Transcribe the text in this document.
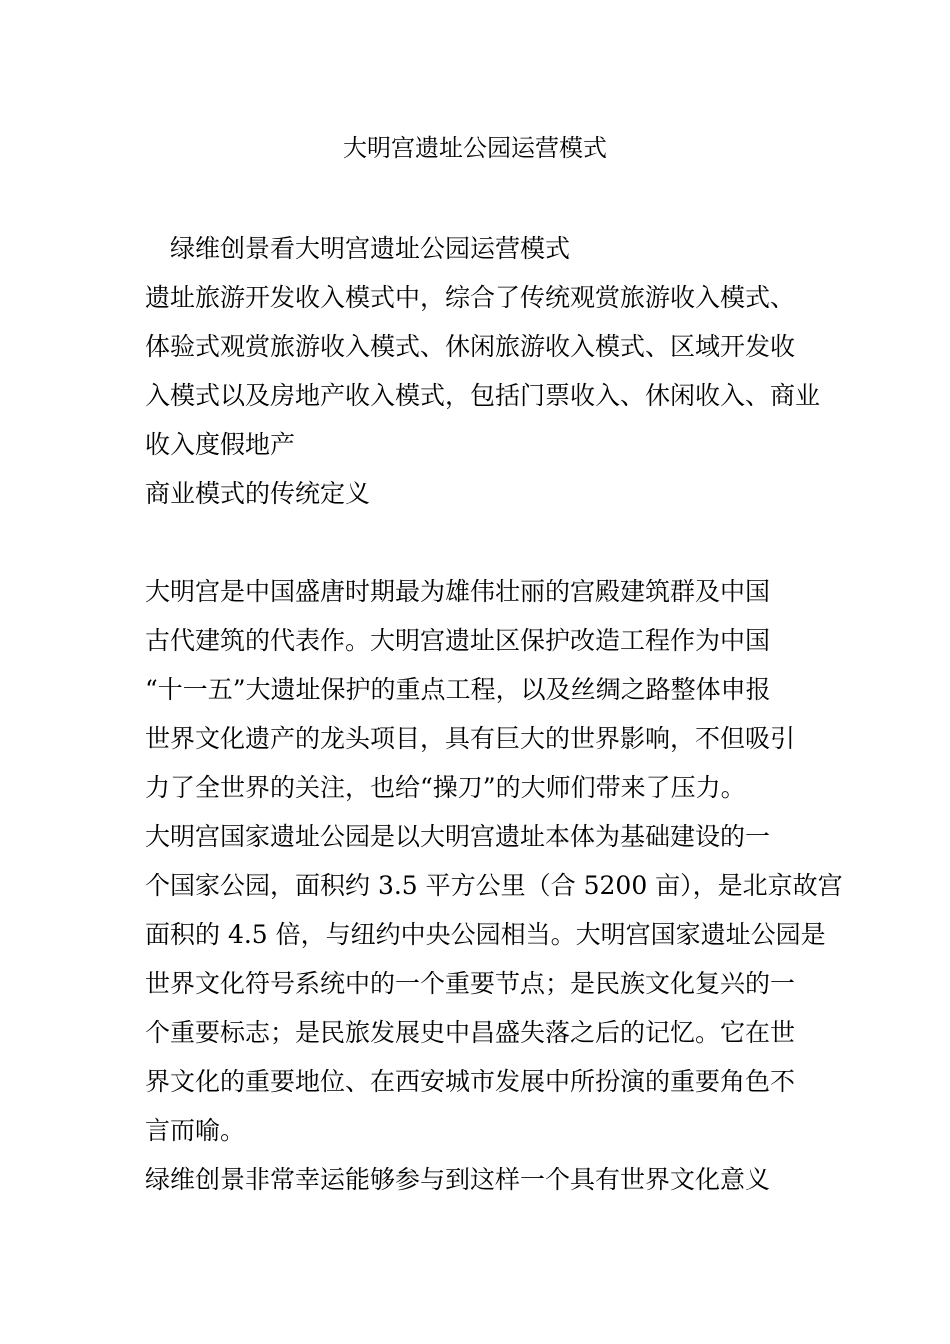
大明宫遗址公园运营模式

绿维创景看大明宫遗址公园运营模式

遗址旅游开发收入模式中，综合了传统观赏旅游收入模式、

体验式观赏旅游收入模式、休闲旅游收入模式、区域开发收

入模式以及房地产收入模式，包括门票收入、休闲收入、商业

收入度假地产

商业模式的传统定义

大明宫是中国盛唐时期最为雄伟壮丽的宫殿建筑群及中国

古代建筑的代表作。大明宫遗址区保护改造工程作为中国

“十一五”大遗址保护的重点工程，以及丝绸之路整体申报

世界文化遗产的龙头项目，具有巨大的世界影响，不但吸引

力了全世界的关注，也给“操刀”的大师们带来了压力。

大明宫国家遗址公园是以大明宫遗址本体为基础建设的一

个国家公园，面积约 3.5 平方公里（合 5200 亩），是北京故宫

面积的 4.5 倍，与纽约中央公园相当。大明宫国家遗址公园是

世界文化符号系统中的一个重要节点；是民族文化复兴的一

个重要标志；是民旅发展史中昌盛失落之后的记忆。它在世

界文化的重要地位、在西安城市发展中所扮演的重要角色不

言而喻。

绿维创景非常幸运能够参与到这样一个具有世界文化意义
